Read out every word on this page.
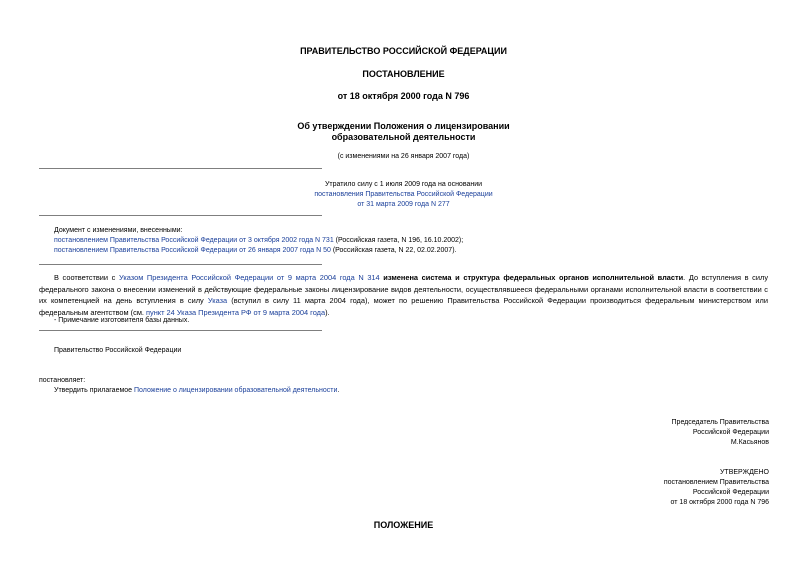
ПРАВИТЕЛЬСТВО РОССИЙСКОЙ ФЕДЕРАЦИИ
ПОСТАНОВЛЕНИЕ
от 18 октября 2000 года N 796
Об утверждении Положения о лицензировании
образовательной деятельности
(с изменениями на 26 января 2007 года)
Утратило силу с 1 июля 2009 года на основании
постановления Правительства Российской Федерации
от 31 марта 2009 года N 277
Документ с изменениями, внесенными:
постановлением Правительства Российской Федерации от 3 октября 2002 года N 731 (Российская газета, N 196, 16.10.2002);
постановлением Правительства Российской Федерации от 26 января 2007 года N 50 (Российская газета, N 22, 02.02.2007).
В соответствии с Указом Президента Российской Федерации от 9 марта 2004 года N 314 изменена система и структура федеральных органов исполнительной власти. До вступления в силу федерального закона о внесении изменений в действующие федеральные законы лицензирование видов деятельности, осуществлявшееся федеральными органами исполнительной власти в соответствии с их компетенцией на день вступления в силу Указа (вступил в силу 11 марта 2004 года), может по решению Правительства Российской Федерации производиться федеральным министерством или федеральным агентством (см. пункт 24 Указа Президента РФ от 9 марта 2004 года).
- Примечание изготовителя базы данных.
Правительство Российской Федерации
постановляет:
Утвердить прилагаемое Положение о лицензировании образовательной деятельности.
Председатель Правительства
Российской Федерации
М.Касьянов
УТВЕРЖДЕНО
постановлением Правительства
Российской Федерации
от 18 октября 2000 года N 796
ПОЛОЖЕНИЕ
